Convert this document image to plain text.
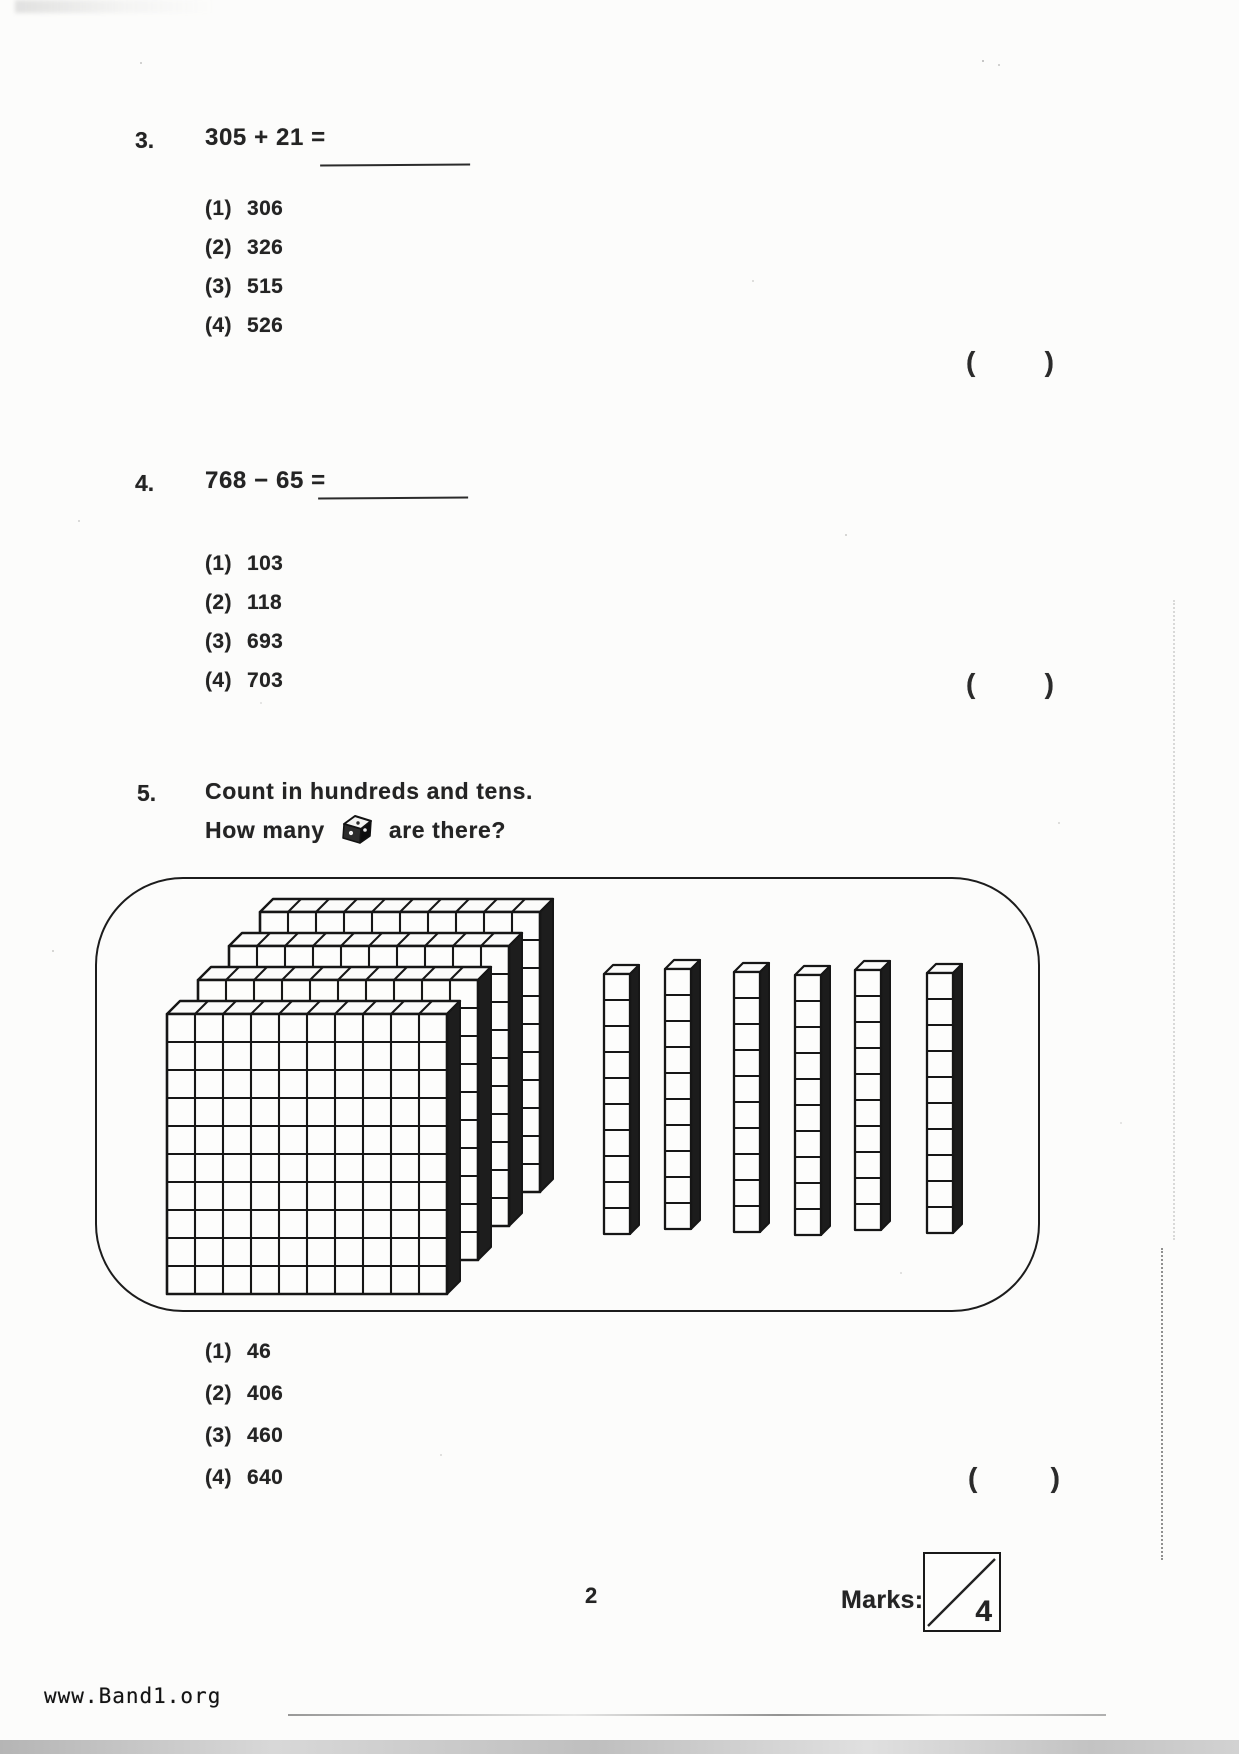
3. 305 + 21 =
(1) 306
(2) 326
(3) 515
(4) 526
( )
4. 768 − 65 =
(1) 103
(2) 118
(3) 693
(4) 703	( )
5. Count in hundreds and tens.
How many	are there?
(1) 46
(2) 406
(3) 460
(4) 640	(	)
2	Marks: 4
www.Band1.org
